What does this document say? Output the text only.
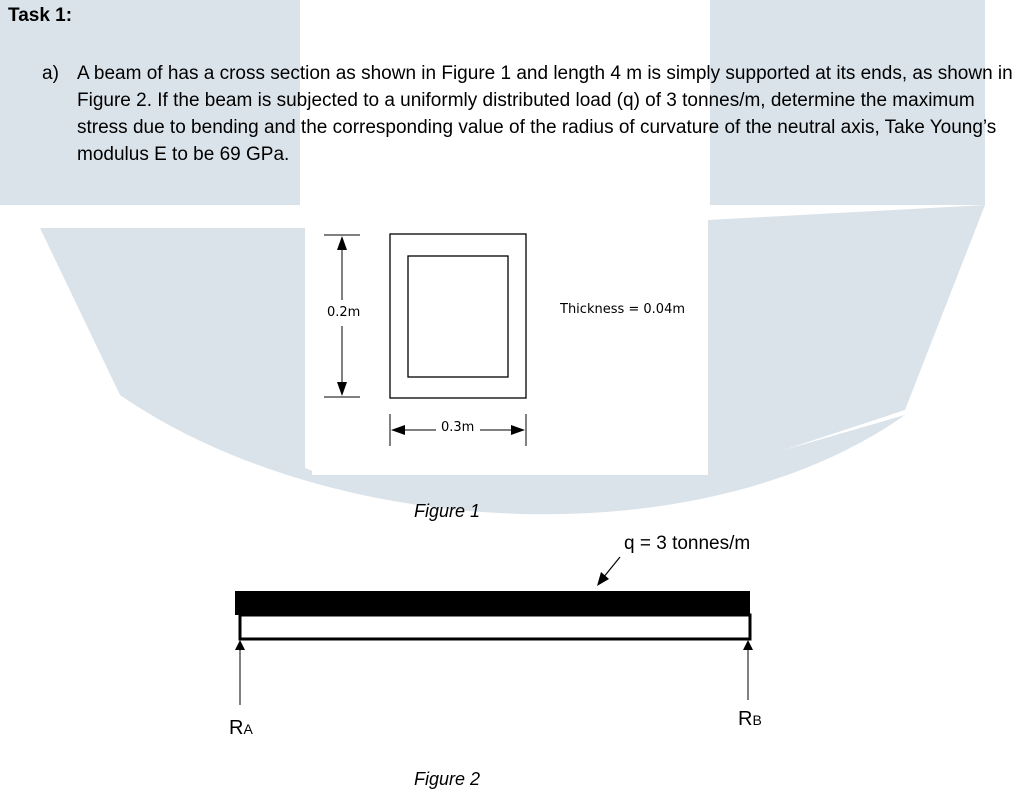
Task 1:
a) A beam of has a cross section as shown in Figure 1 and length 4 m is simply supported at its ends, as shown in Figure 2. If the beam is subjected to a uniformly distributed load (q) of 3 tonnes/m, determine the maximum stress due to bending and the corresponding value of the radius of curvature of the neutral axis, Take Young’s modulus E to be 69 GPa.
0.2m
0.3m
Thickness = 0.04m
Figure 1
q = 3 tonnes/m
RA	RB
Figure 2
